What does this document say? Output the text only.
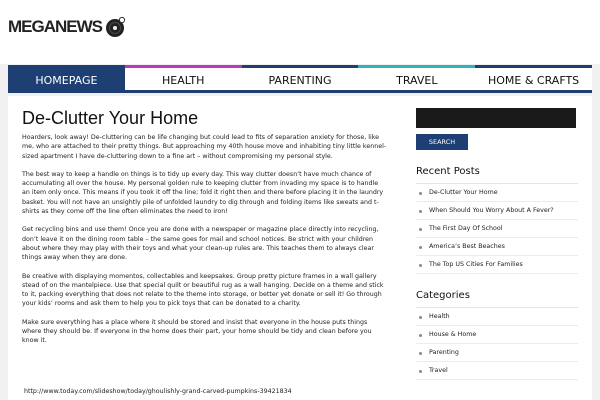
MEGANEWS
HOMEPAGE	HEALTH	PARENTING	TRAVEL	HOME & CRAFTS
De-Clutter Your Home

Hoarders, look away! De-cluttering can be life changing but could lead to fits of separation anxiety for those, like me, who are attached to their pretty things. But approaching my 40th house move and inhabiting tiny little kennel-sized apartment I have de-cluttering down to a fine art – without compromising my personal style.

The best way to keep a handle on things is to tidy up every day. This way clutter doesn’t have much chance of accumulating all over the house. My personal golden rule to keeping clutter from invading my space is to handle an item only once. This means if you took it off the line; fold it right then and there before placing it in the laundry basket. You will not have an unsightly pile of unfolded laundry to dig through and folding items like sweats and t-shirts as they come off the line often eliminates the need to iron!

Get recycling bins and use them! Once you are done with a newspaper or magazine place directly into recycling, don’t leave it on the dining room table – the same goes for mail and school notices. Be strict with your children about where they may play with their toys and what your clean-up rules are. This teaches them to always clear things away when they are done.

Be creative with displaying momentos, collectables and keepsakes. Group pretty picture frames in a wall gallery stead of on the mantelpiece. Use that special quilt or beautiful rug as a wall hanging. Decide on a theme and stick to it, packing everything that does not relate to the theme into storage, or better yet donate or sell it! Go through your kids’ rooms and ask them to help you to pick toys that can be donated to a charity.

Make sure everything has a place where it should be stored and insist that everyone in the house puts things where they should be. If everyone in the home does their part, your home should be tidy and clean before you know it.

http://www.today.com/slideshow/today/ghoulishly-grand-carved-pumpkins-39421834
SEARCH
Recent Posts
De-Clutter Your Home
When Should You Worry About A Fever?
The First Day Of School
America’s Best Beaches
The Top US Cities For Families
Categories
Health
House & Home
Parenting
Travel
